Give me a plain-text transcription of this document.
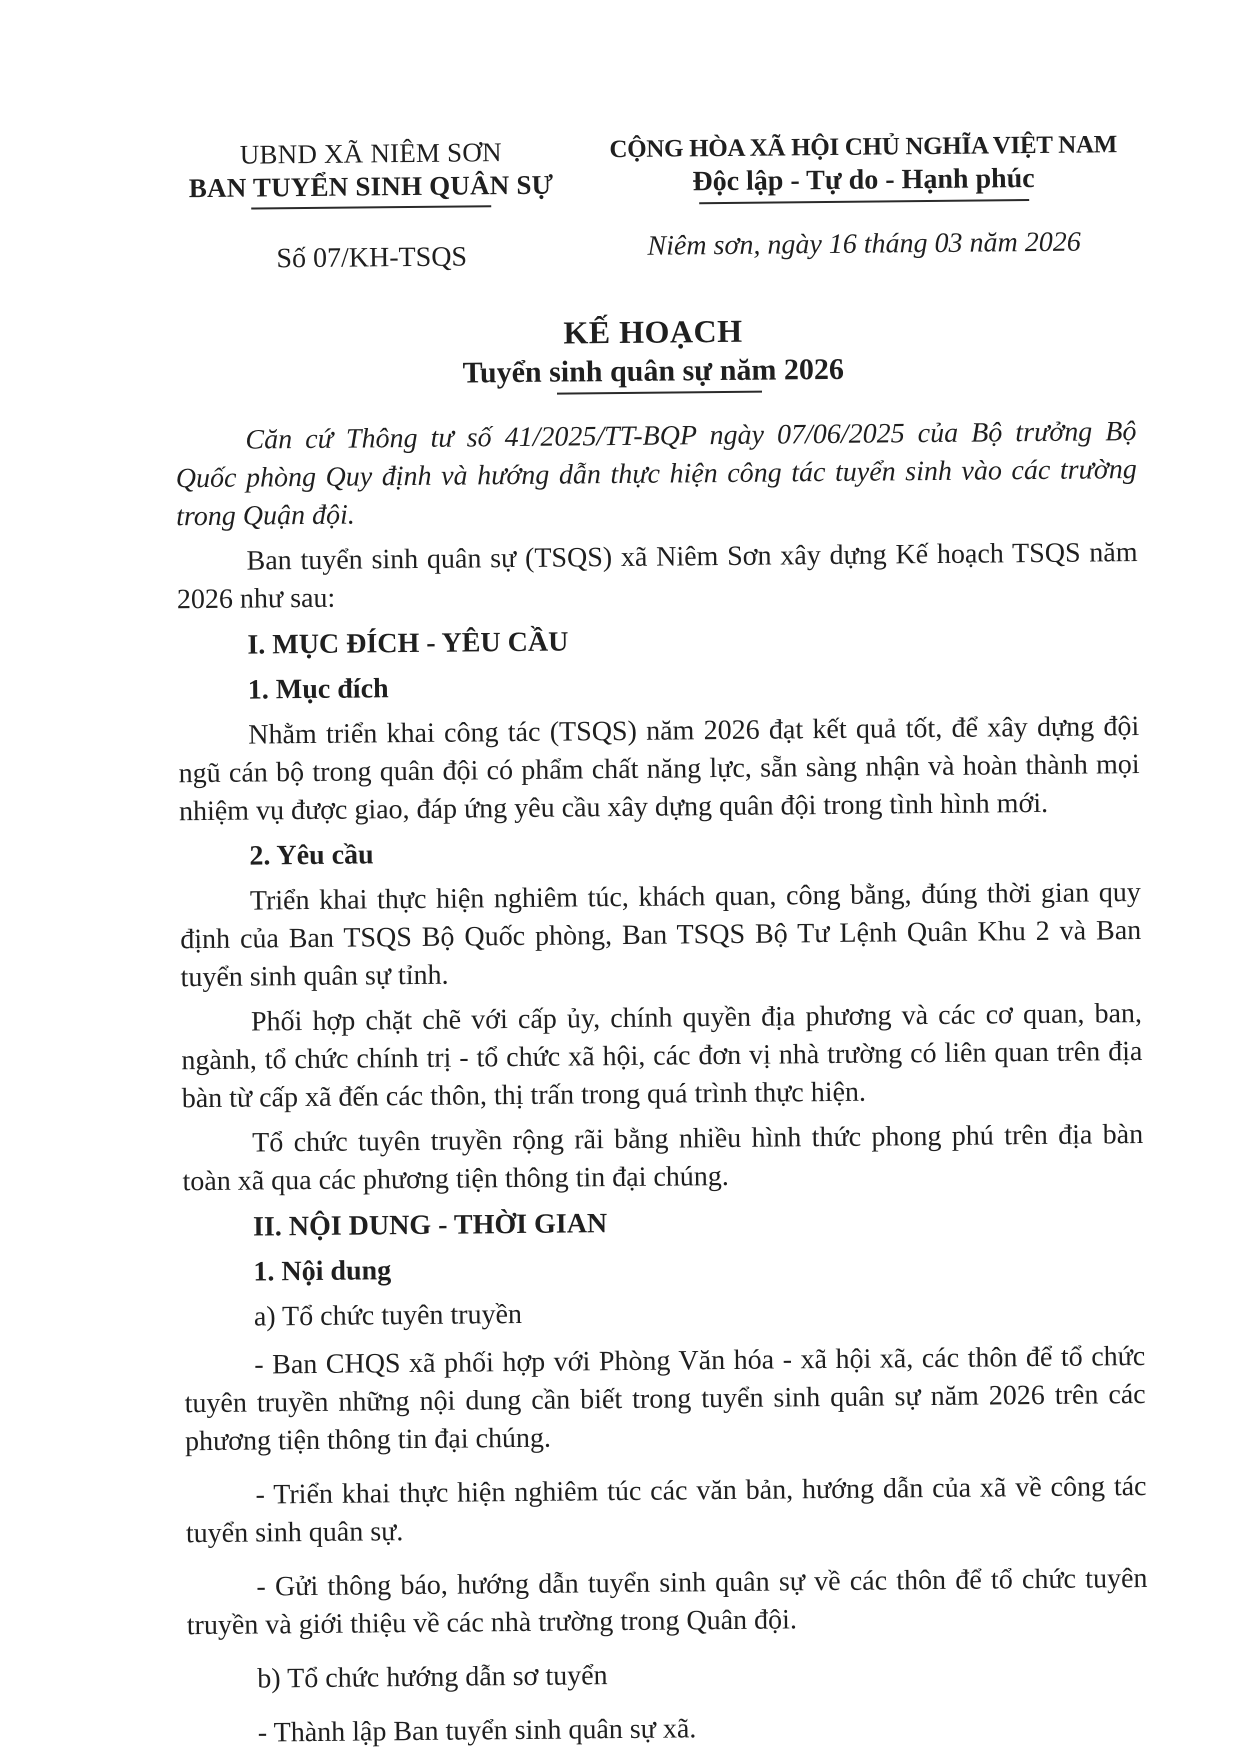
UBND XÃ NIÊM SƠN
BAN TUYỂN SINH QUÂN SỰ
Số 07/KH-TSQS
CỘNG HÒA XÃ HỘI CHỦ NGHĨA VIỆT NAM
Độc lập - Tự do - Hạnh phúc
Niêm sơn, ngày 16 tháng 03 năm 2026
KẾ HOẠCH
Tuyển sinh quân sự năm 2026

Căn cứ Thông tư số 41/2025/TT-BQP ngày 07/06/2025 của Bộ trưởng Bộ Quốc phòng Quy định và hướng dẫn thực hiện công tác tuyển sinh vào các trường trong Quận đội.

Ban tuyển sinh quân sự (TSQS) xã Niêm Sơn xây dựng Kế hoạch TSQS năm 2026 như sau:

I. MỤC ĐÍCH - YÊU CẦU
1. Mục đích

Nhằm triển khai công tác (TSQS) năm 2026 đạt kết quả tốt, để xây dựng đội ngũ cán bộ trong quân đội có phẩm chất năng lực, sẵn sàng nhận và hoàn thành mọi nhiệm vụ được giao, đáp ứng yêu cầu xây dựng quân đội trong tình hình mới.

2. Yêu cầu

Triển khai thực hiện nghiêm túc, khách quan, công bằng, đúng thời gian quy định của Ban TSQS Bộ Quốc phòng, Ban TSQS Bộ Tư Lệnh Quân Khu 2 và Ban tuyển sinh quân sự tỉnh.

Phối hợp chặt chẽ với cấp ủy, chính quyền địa phương và các cơ quan, ban, ngành, tổ chức chính trị - tổ chức xã hội, các đơn vị nhà trường có liên quan trên địa bàn từ cấp xã đến các thôn, thị trấn trong quá trình thực hiện.

Tổ chức tuyên truyền rộng rãi bằng nhiều hình thức phong phú trên địa bàn toàn xã qua các phương tiện thông tin đại chúng.

II. NỘI DUNG - THỜI GIAN
1. Nội dung

a) Tổ chức tuyên truyền

- Ban CHQS xã phối hợp với Phòng Văn hóa - xã hội xã, các thôn để tổ chức tuyên truyền những nội dung cần biết trong tuyển sinh quân sự năm 2026 trên các phương tiện thông tin đại chúng.

- Triển khai thực hiện nghiêm túc các văn bản, hướng dẫn của xã về công tác tuyển sinh quân sự.

- Gửi thông báo, hướng dẫn tuyển sinh quân sự về các thôn để tổ chức tuyên truyền và giới thiệu về các nhà trường trong Quân đội.

b) Tổ chức hướng dẫn sơ tuyển

- Thành lập Ban tuyển sinh quân sự xã.
